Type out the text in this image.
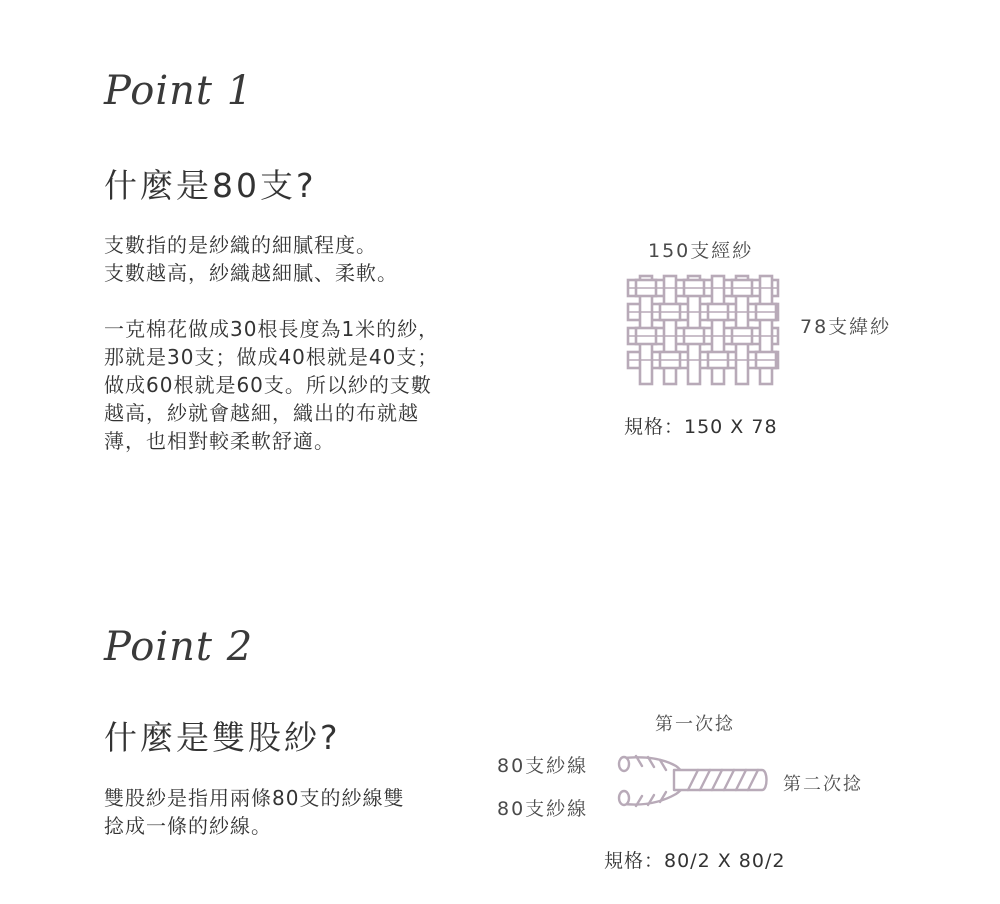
Point 1
什麼是80支?
支數指的是紗織的細膩程度。
支數越高，紗織越細膩、柔軟。
一克棉花做成30根長度為1米的紗，
那就是30支；做成40根就是40支；
做成60根就是60支。所以紗的支數
越高，紗就會越細，織出的布就越
薄，也相對較柔軟舒適。
150支經紗
78支緯紗
規格：150 X 78
Point 2
什麼是雙股紗?
雙股紗是指用兩條80支的紗線雙
捻成一條的紗線。
第一次捻
80支紗線
80支紗線
第二次捻
規格：80/2 X 80/2
